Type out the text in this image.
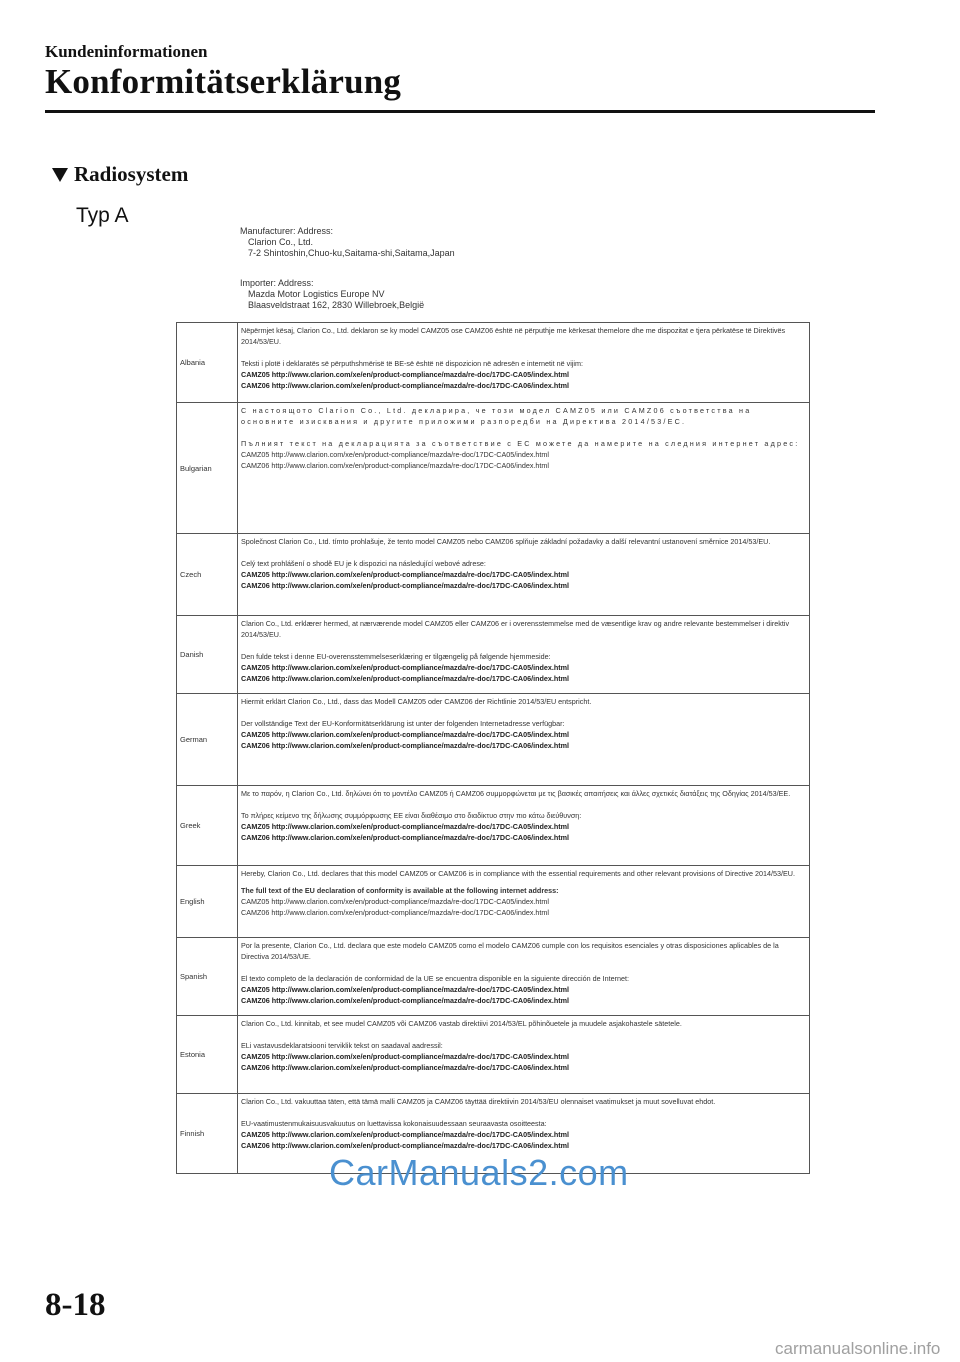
Kundeninformationen
Konformitätserklärung
Radiosystem
Typ A
Manufacturer: Address:
Clarion Co., Ltd.
7-2 Shintoshin,Chuo-ku,Saitama-shi,Saitama,Japan
Importer: Address:
Mazda Motor Logistics Europe NV
Blaasveldstraat 162, 2830 Willebroek,België
Albania	Nëpërmjet kësaj, Clarion Co., Ltd. deklaron se ky model CAMZ05 ose CAMZ06 është në përputhje me kërkesat themelore dhe me dispozitat e tjera përkatëse të Direktivës 2014/53/EU.
Teksti i plotë i deklaratës së përputhshmërisë të BE-së është në dispozicion në adresën e internetit në vijim:
CAMZ05 http://www.clarion.com/xe/en/product-compliance/mazda/re-doc/17DC-CA05/index.html
CAMZ06 http://www.clarion.com/xe/en/product-compliance/mazda/re-doc/17DC-CA06/index.html

Bulgarian	С настоящото Clarion Co., Ltd. декларира, че този модел CAMZ05 или CAMZ06 съответства на основните изисквания и другите приложими разпоредби на Директива 2014/53/ЕС.
Пълният текст на декларацията за съответствие с ЕС можете да намерите на следния интернет адрес:
CAMZ05 http://www.clarion.com/xe/en/product-compliance/mazda/re-doc/17DC-CA05/index.html
CAMZ06 http://www.clarion.com/xe/en/product-compliance/mazda/re-doc/17DC-CA06/index.html

Czech	Společnost Clarion Co., Ltd. tímto prohlašuje, že tento model CAMZ05 nebo CAMZ06 splňuje základní požadavky a další relevantní ustanovení směrnice 2014/53/EU.
Celý text prohlášení o shodě EU je k dispozici na následující webové adrese:
CAMZ05 http://www.clarion.com/xe/en/product-compliance/mazda/re-doc/17DC-CA05/index.html
CAMZ06 http://www.clarion.com/xe/en/product-compliance/mazda/re-doc/17DC-CA06/index.html

Danish	Clarion Co., Ltd. erklærer hermed, at nærværende model CAMZ05 eller CAMZ06 er i overensstemmelse med de væsentlige krav og andre relevante bestemmelser i direktiv 2014/53/EU.
Den fulde tekst i denne EU-overensstemmelseserklæring er tilgængelig på følgende hjemmeside:
CAMZ05 http://www.clarion.com/xe/en/product-compliance/mazda/re-doc/17DC-CA05/index.html
CAMZ06 http://www.clarion.com/xe/en/product-compliance/mazda/re-doc/17DC-CA06/index.html

German	Hiermit erklärt Clarion Co., Ltd., dass das Modell CAMZ05 oder CAMZ06 der Richtlinie 2014/53/EU entspricht.
Der vollständige Text der EU-Konformitätserklärung ist unter der folgenden Internetadresse verfügbar:
CAMZ05 http://www.clarion.com/xe/en/product-compliance/mazda/re-doc/17DC-CA05/index.html
CAMZ06 http://www.clarion.com/xe/en/product-compliance/mazda/re-doc/17DC-CA06/index.html

Greek	Με το παρόν, η Clarion Co., Ltd. δηλώνει ότι το μοντέλο CAMZ05 ή CAMZ06 συμμορφώνεται με τις βασικές απαιτήσεις και άλλες σχετικές διατάξεις της Οδηγίας 2014/53/ΕΕ.
Το πλήρες κείμενο της δήλωσης συμμόρφωσης ΕΕ είναι διαθέσιμο στο διαδίκτυο στην πιο κάτω διεύθυνση:
CAMZ05 http://www.clarion.com/xe/en/product-compliance/mazda/re-doc/17DC-CA05/index.html
CAMZ06 http://www.clarion.com/xe/en/product-compliance/mazda/re-doc/17DC-CA06/index.html

English	Hereby, Clarion Co., Ltd. declares that this model CAMZ05 or CAMZ06 is in compliance with the essential requirements and other relevant provisions of Directive 2014/53/EU.
The full text of the EU declaration of conformity is available at the following internet address:
CAMZ05 http://www.clarion.com/xe/en/product-compliance/mazda/re-doc/17DC-CA05/index.html
CAMZ06 http://www.clarion.com/xe/en/product-compliance/mazda/re-doc/17DC-CA06/index.html

Spanish	Por la presente, Clarion Co., Ltd. declara que este modelo CAMZ05 como el modelo CAMZ06 cumple con los requisitos esenciales y otras disposiciones aplicables de la Directiva 2014/53/UE.
El texto completo de la declaración de conformidad de la UE se encuentra disponible en la siguiente dirección de Internet:
CAMZ05 http://www.clarion.com/xe/en/product-compliance/mazda/re-doc/17DC-CA05/index.html
CAMZ06 http://www.clarion.com/xe/en/product-compliance/mazda/re-doc/17DC-CA06/index.html

Estonia	Clarion Co., Ltd. kinnitab, et see mudel CAMZ05 või CAMZ06 vastab direktiivi 2014/53/EL põhinõuetele ja muudele asjakohastele sätetele.
ELi vastavusdeklaratsiooni terviklik tekst on saadaval aadressil:
CAMZ05 http://www.clarion.com/xe/en/product-compliance/mazda/re-doc/17DC-CA05/index.html
CAMZ06 http://www.clarion.com/xe/en/product-compliance/mazda/re-doc/17DC-CA06/index.html

Finnish	Clarion Co., Ltd. vakuuttaa täten, että tämä malli CAMZ05 ja CAMZ06 täyttää direktiivin 2014/53/EU olennaiset vaatimukset ja muut sovelluvat ehdot.
EU-vaatimustenmukaisuusvakuutus on luettavissa kokonaisuudessaan seuraavasta osoitteesta:
CAMZ05 http://www.clarion.com/xe/en/product-compliance/mazda/re-doc/17DC-CA05/index.html
CAMZ06 http://www.clarion.com/xe/en/product-compliance/mazda/re-doc/17DC-CA06/index.html
CarManuals2.com
8-18
carmanualsonline.info
